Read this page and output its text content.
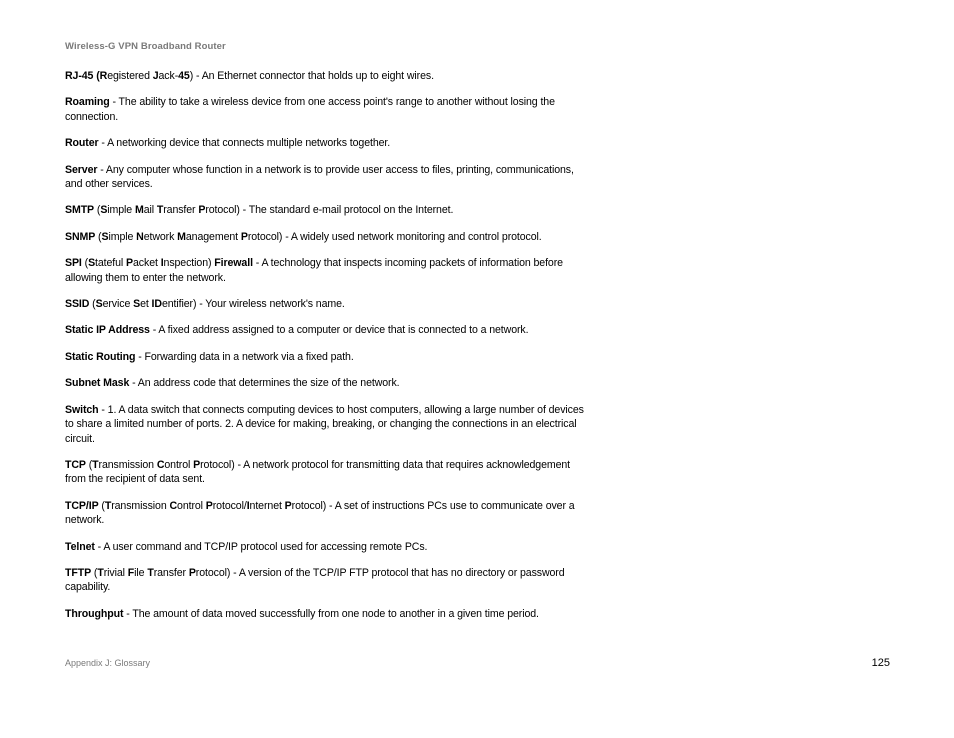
Wireless-G VPN Broadband Router

RJ-45 (Registered Jack-45) - An Ethernet connector that holds up to eight wires.

Roaming - The ability to take a wireless device from one access point's range to another without losing the connection.

Router - A networking device that connects multiple networks together.

Server - Any computer whose function in a network is to provide user access to files, printing, communications, and other services.

SMTP (Simple Mail Transfer Protocol) - The standard e-mail protocol on the Internet.

SNMP (Simple Network Management Protocol) - A widely used network monitoring and control protocol.

SPI (Stateful Packet Inspection) Firewall - A technology that inspects incoming packets of information before allowing them to enter the network.

SSID (Service Set IDentifier) - Your wireless network's name.

Static IP Address - A fixed address assigned to a computer or device that is connected to a network.

Static Routing - Forwarding data in a network via a fixed path.

Subnet Mask - An address code that determines the size of the network.

Switch - 1. A data switch that connects computing devices to host computers, allowing a large number of devices to share a limited number of ports. 2. A device for making, breaking, or changing the connections in an electrical circuit.

TCP (Transmission Control Protocol) - A network protocol for transmitting data that requires acknowledgement from the recipient of data sent.

TCP/IP (Transmission Control Protocol/Internet Protocol) - A set of instructions PCs use to communicate over a network.

Telnet - A user command and TCP/IP protocol used for accessing remote PCs.

TFTP (Trivial File Transfer Protocol) - A version of the TCP/IP FTP protocol that has no directory or password capability.

Throughput - The amount of data moved successfully from one node to another in a given time period.

Appendix J: Glossary	125
